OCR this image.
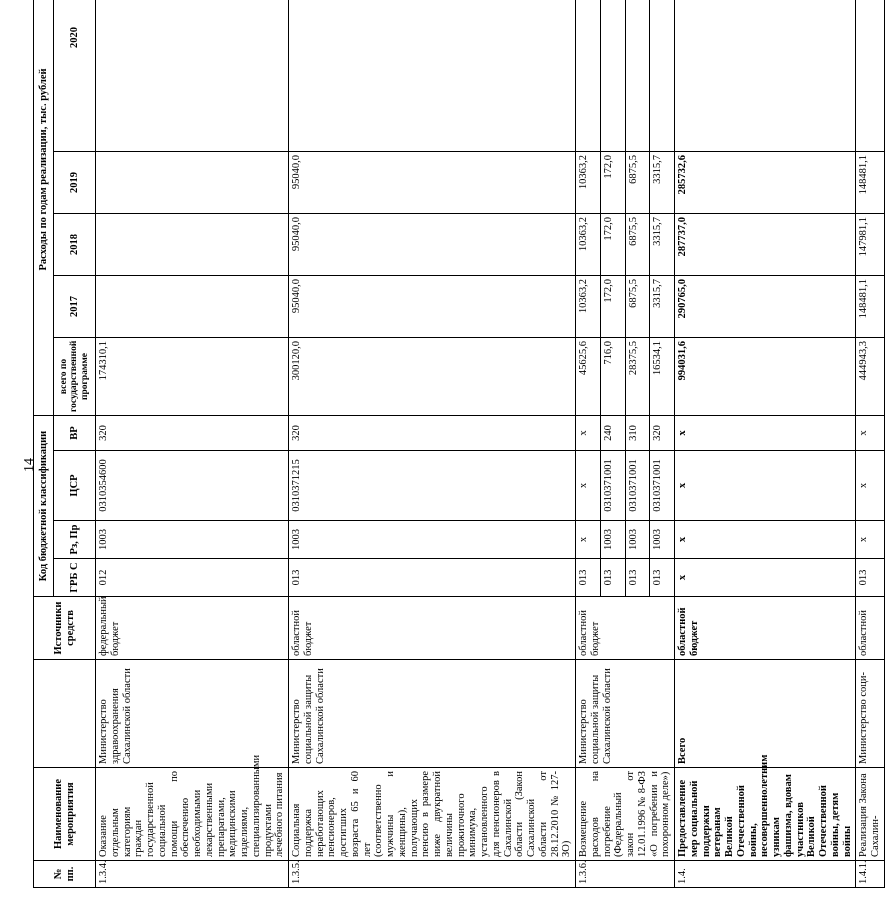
14
№ пп.	Наименование мероприятия		Источники средств	Код бюджетной классификации				Расходы по годам реализации, тыс. рублей				
				ГРБ С	Рз, Пр	ЦСР	ВР	всего по государственной программе	2017	2018	2019	2020
1.3.4.	Оказание отдельным категориям граждан государственной социальной помощи по обеспечению необходимыми лекарственными препаратами, медицинскими изделиями, специализированными продуктами лечебного питания	Министерство здравоохранения Сахалинской области	федеральный бюджет	012	1003	0310354600	320	174310,1				
1.3.5.	Социальная поддержка неработающих пенсионеров, достигших возраста 65 и 60 лет (соответственно мужчины и женщины), получающих пенсию в размере ниже двукратной величины прожиточного минимума, установленного для пенсионеров в Сахалинской области (Закон Сахалинской области от 28.12.2010 № 127-ЗО)	Министерство социальной защиты Сахалинской области	областной бюджет	013	1003	0310371215	320	300120,0	95040,0	95040,0	95040,0	
1.3.6.	Возмещение расходов на погребение (Федеральный закон от 12.01.1996 № 8-ФЗ «О погребении и похоронном деле»)	Министерство социальной защиты Сахалинской области	областной бюджет	013	х	х	х	45625,6	10363,2	10363,2	10363,2	
				013	1003	0310371001	240	716,0	172,0	172,0	172,0	
				013	1003	0310371001	310	28375,5	6875,5	6875,5	6875,5	
				013	1003	0310371001	320	16534,1	3315,7	3315,7	3315,7	
1.4.	Предоставление мер социальной поддержки ветеранам Великой Отечественной войны, несовершеннолетним узникам фашизма, вдовам участников Великой Отечественной войны, детям войны	Всего	областной бюджет	х	х	х	х	994031,6	290765,0	287737,0	285732,6	
1.4.1.	Реализация Закона Сахалин-	Министерство соци-	областной	013	х	х	х	444943,3	148481,1	147981,1	148481,1	
